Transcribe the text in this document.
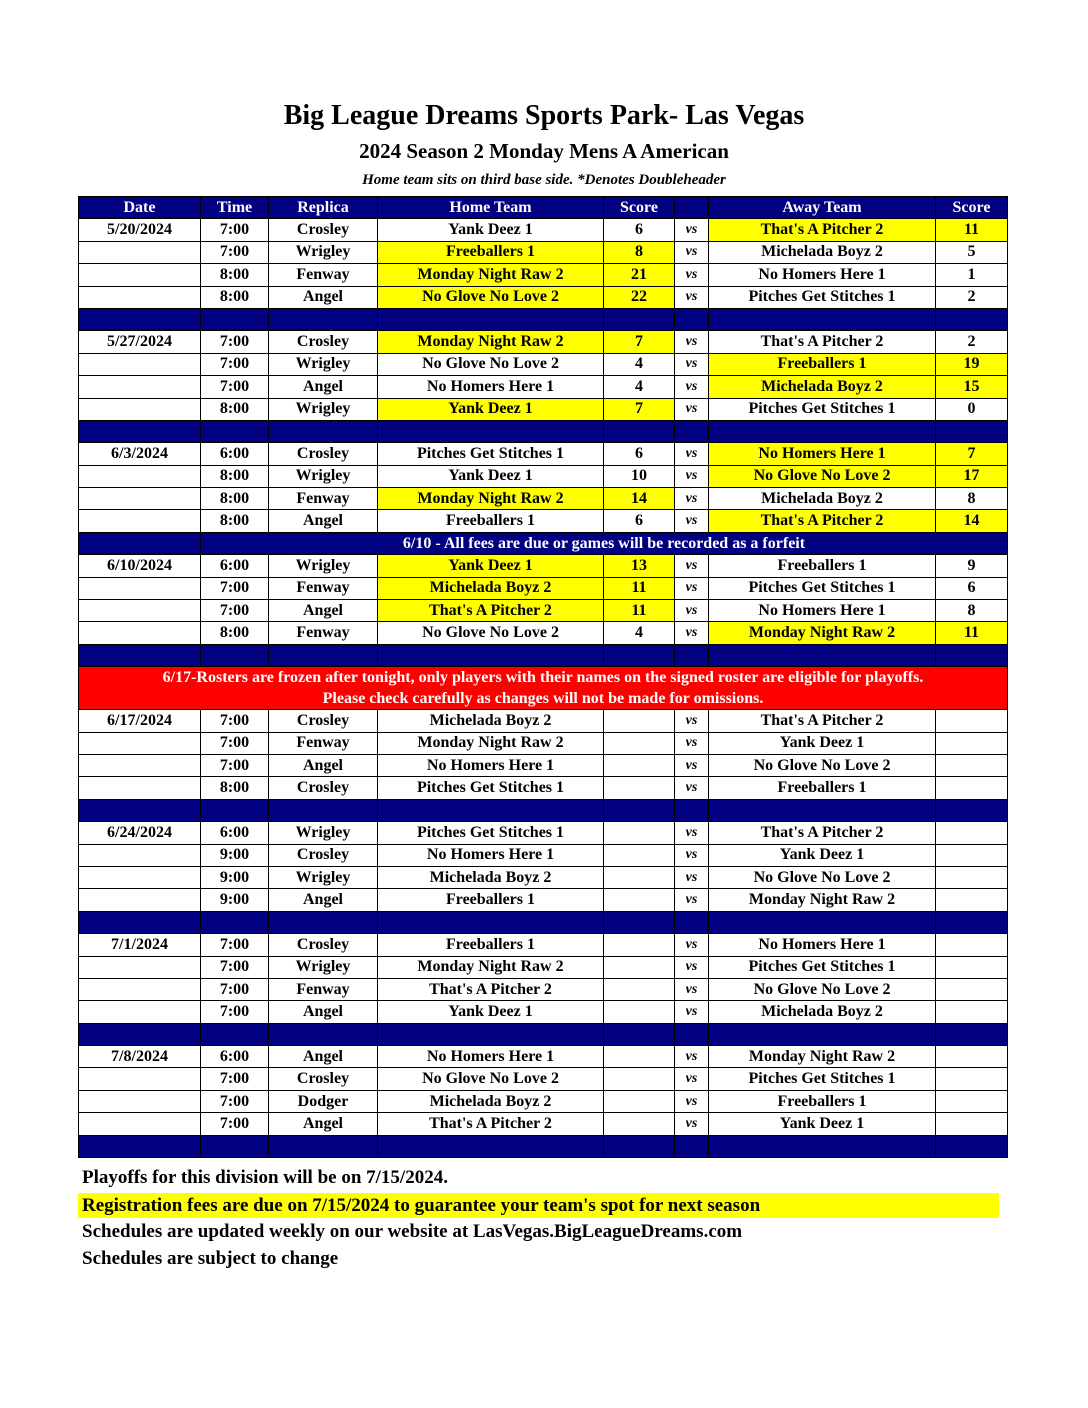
Big League Dreams Sports Park- Las Vegas
2024 Season 2 Monday Mens A American
Home team sits on third base side. *Denotes Doubleheader
Date	Time	Replica	Home Team	Score		Away Team	Score
5/20/2024	7:00	Crosley	Yank Deez 1	6	vs	That's A Pitcher 2	11
	7:00	Wrigley	Freeballers 1	8	vs	Michelada Boyz 2	5
	8:00	Fenway	Monday Night Raw 2	21	vs	No Homers Here 1	1
	8:00	Angel	No Glove No Love 2	22	vs	Pitches Get Stitches 1	2

5/27/2024	7:00	Crosley	Monday Night Raw 2	7	vs	That's A Pitcher 2	2
	7:00	Wrigley	No Glove No Love 2	4	vs	Freeballers 1	19
	7:00	Angel	No Homers Here 1	4	vs	Michelada Boyz 2	15
	8:00	Wrigley	Yank Deez 1	7	vs	Pitches Get Stitches 1	0

6/3/2024	6:00	Crosley	Pitches Get Stitches 1	6	vs	No Homers Here 1	7
	8:00	Wrigley	Yank Deez 1	10	vs	No Glove No Love 2	17
	8:00	Fenway	Monday Night Raw 2	14	vs	Michelada Boyz 2	8
	8:00	Angel	Freeballers 1	6	vs	That's A Pitcher 2	14
	6/10 - All fees are due or games will be recorded as a forfeit						
6/10/2024	6:00	Wrigley	Yank Deez 1	13	vs	Freeballers 1	9
	7:00	Fenway	Michelada Boyz 2	11	vs	Pitches Get Stitches 1	6
	7:00	Angel	That's A Pitcher 2	11	vs	No Homers Here 1	8
	8:00	Fenway	No Glove No Love 2	4	vs	Monday Night Raw 2	11

6/17-Rosters are frozen after tonight, only players with their names on the signed roster are eligible for playoffs.
Please check carefully as changes will not be made for omissions.							

6/17/2024	7:00	Crosley	Michelada Boyz 2		vs	That's A Pitcher 2	
	7:00	Fenway	Monday Night Raw 2		vs	Yank Deez 1	
	7:00	Angel	No Homers Here 1		vs	No Glove No Love 2	
	8:00	Crosley	Pitches Get Stitches 1		vs	Freeballers 1	

6/24/2024	6:00	Wrigley	Pitches Get Stitches 1		vs	That's A Pitcher 2	
	9:00	Crosley	No Homers Here 1		vs	Yank Deez 1	
	9:00	Wrigley	Michelada Boyz 2		vs	No Glove No Love 2	
	9:00	Angel	Freeballers 1		vs	Monday Night Raw 2	

7/1/2024	7:00	Crosley	Freeballers 1		vs	No Homers Here 1	
	7:00	Wrigley	Monday Night Raw 2		vs	Pitches Get Stitches 1	
	7:00	Fenway	That's A Pitcher 2		vs	No Glove No Love 2	
	7:00	Angel	Yank Deez 1		vs	Michelada Boyz 2	

7/8/2024	6:00	Angel	No Homers Here 1		vs	Monday Night Raw 2	
	7:00	Crosley	No Glove No Love 2		vs	Pitches Get Stitches 1	
	7:00	Dodger	Michelada Boyz 2		vs	Freeballers 1	
	7:00	Angel	That's A Pitcher 2		vs	Yank Deez 1	

Playoffs for this division will be on 7/15/2024.
Registration fees are due on 7/15/2024 to guarantee your team's spot for next season
Schedules are updated weekly on our website at LasVegas.BigLeagueDreams.com
Schedules are subject to change
